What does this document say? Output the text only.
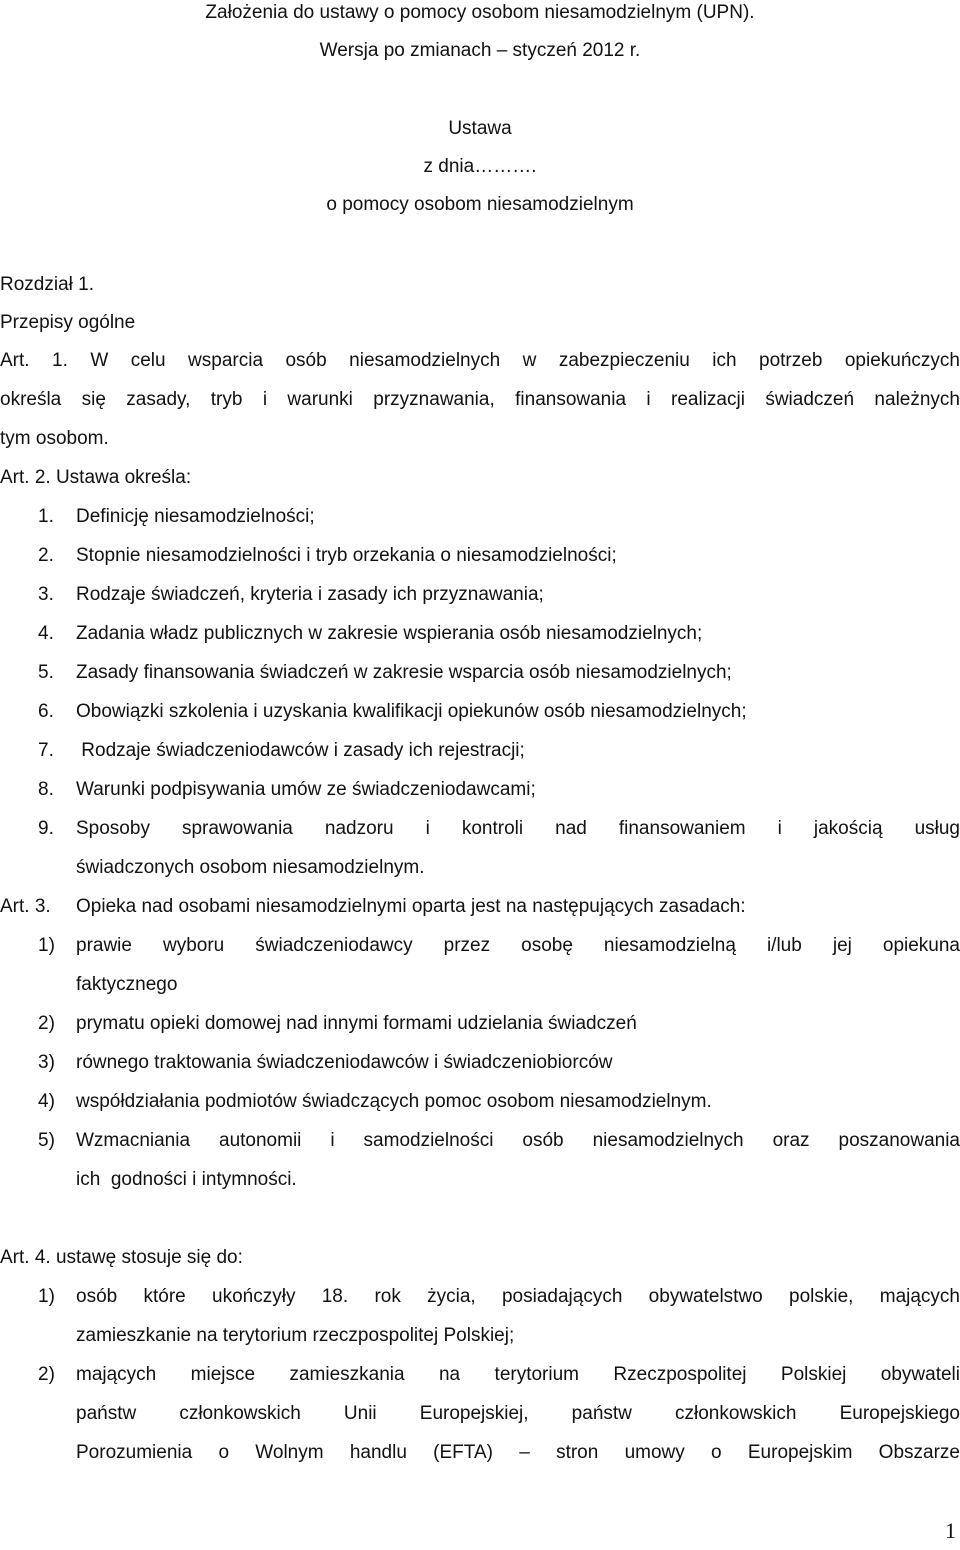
Założenia do ustawy o pomocy osobom niesamodzielnym (UPN).
Wersja po zmianach – styczeń 2012 r.
Ustawa
z dnia……….
o pomocy osobom niesamodzielnym
Rozdział 1.
Przepisy ogólne
Art. 1. W celu wsparcia osób niesamodzielnych w zabezpieczeniu ich potrzeb opiekuńczych
określa się zasady, tryb i warunki przyznawania, finansowania i realizacji świadczeń należnych
tym osobom.
Art. 2. Ustawa określa:
1. Definicję niesamodzielności;
2. Stopnie niesamodzielności i tryb orzekania o niesamodzielności;
3. Rodzaje świadczeń, kryteria i zasady ich przyznawania;
4. Zadania władz publicznych w zakresie wspierania osób niesamodzielnych;
5. Zasady finansowania świadczeń w zakresie wsparcia osób niesamodzielnych;
6. Obowiązki szkolenia i uzyskania kwalifikacji opiekunów osób niesamodzielnych;
7. Rodzaje świadczeniodawców i zasady ich rejestracji;
8. Warunki podpisywania umów ze świadczeniodawcami;
9. Sposoby sprawowania nadzoru i kontroli nad finansowaniem i jakością usług
świadczonych osobom niesamodzielnym.
Art. 3. Opieka nad osobami niesamodzielnymi oparta jest na następujących zasadach:
1) prawie wyboru świadczeniodawcy przez osobę niesamodzielną i/lub jej opiekuna
faktycznego
2) prymatu opieki domowej nad innymi formami udzielania świadczeń
3) równego traktowania świadczeniodawców i świadczeniobiorców
4) współdziałania podmiotów świadczących pomoc osobom niesamodzielnym.
5) Wzmacniania autonomii i samodzielności osób niesamodzielnych oraz poszanowania
ich  godności i intymności.
Art. 4. ustawę stosuje się do:
1) osób które ukończyły 18. rok życia, posiadających obywatelstwo polskie, mających
zamieszkanie na terytorium rzeczpospolitej Polskiej;
2) mających miejsce zamieszkania na terytorium Rzeczpospolitej Polskiej obywateli
państw członkowskich Unii Europejskiej, państw członkowskich Europejskiego
Porozumienia o Wolnym handlu (EFTA) – stron umowy o Europejskim Obszarze
1
